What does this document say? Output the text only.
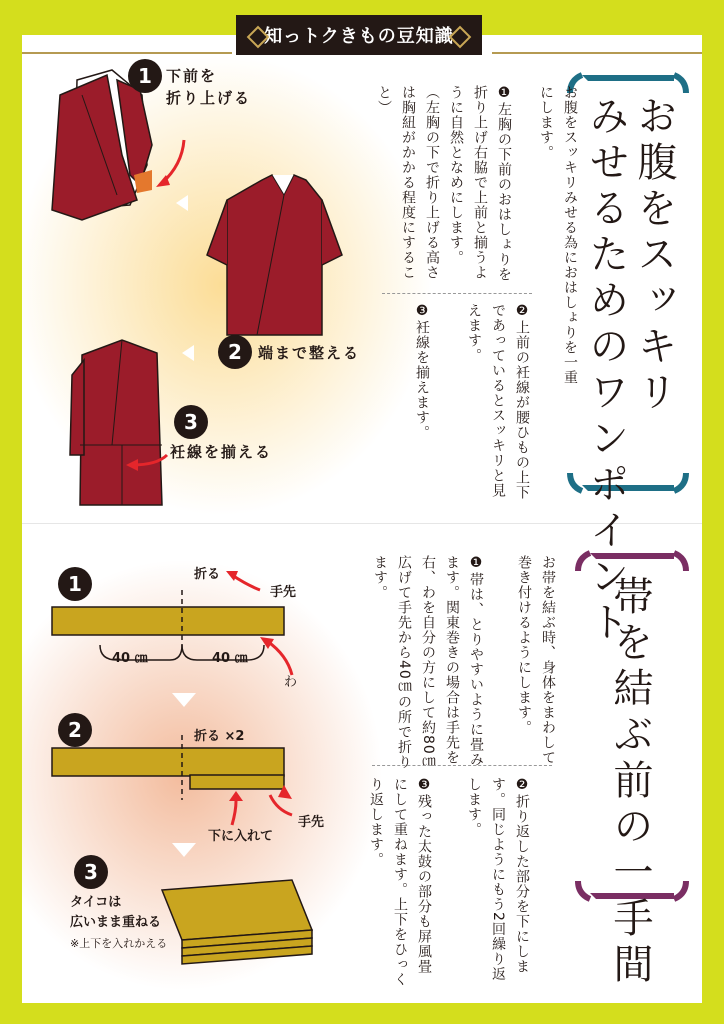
1 下前を
折り上げる
2	端まで整える
3
衽線を揃える
お腹をスッキリ
みせるためのワンポイント
お腹をスッキリみせる為におはしょりを一重にします。
❶左胸の下前のおはしょりを折り上げ右脇で上前と揃うように自然となめにします。（左胸の下で折り上げる高さは胸紐がかかる程度にすること）
❷上前の衽線が腰ひもの上下であっているとスッキリと見えます。
❸衽線を揃えます。
1	折る
手先
40 ㎝	40 ㎝
わ
2	折る ×2
下に入れて
手先
3
タイコは
広いまま重ねる
※上下を入れかえる	帯を結ぶ前の一手間
お帯を結ぶ時、身体をまわして巻き付けるようにします。
❶帯は、とりやすいように畳みます。関東巻きの場合は手先を右、わを自分の方にして約80㎝広げて手先から40㎝の所で折ります。
❷折り返した部分を下にします。同じようにもう2回繰り返します。
❸残った太鼓の部分も屏風畳にして重ねます。上下をひっくり返します。
知っトクきもの豆知識
